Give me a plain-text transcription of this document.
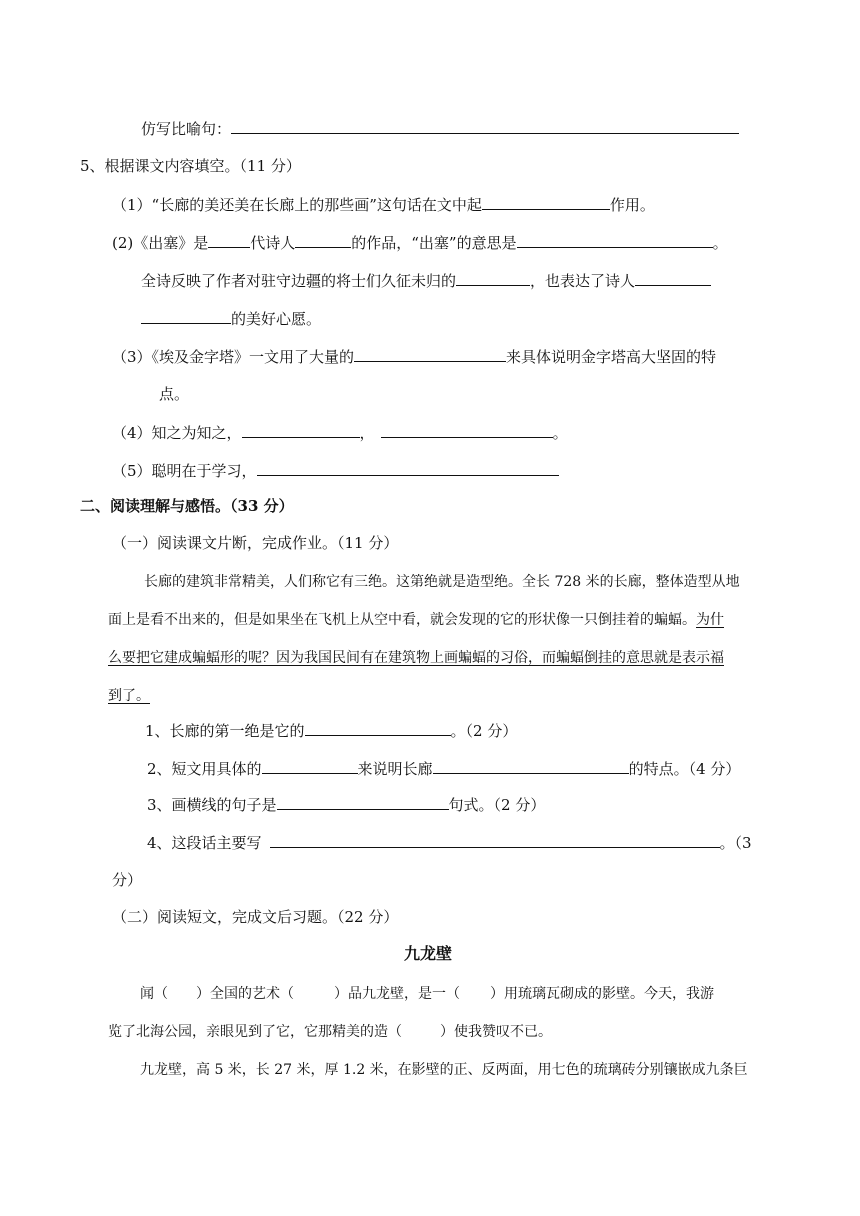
仿写比喻句：
5、根据课文内容填空。（11 分）
（1）“长廊的美还美在长廊上的那些画”这句话在文中起	作用。
(2)《出塞》是	代诗人	的作品，“出塞”的意思是	。
全诗反映了作者对驻守边疆的将士们久征未归的	，也表达了诗人
的美好心愿。
（3）《埃及金字塔》一文用了大量的	来具体说明金字塔高大坚固的特
点。
（4）知之为知之，	，	。
（5）聪明在于学习，
二、阅读理解与感悟。（33 分）
（一）阅读课文片断，完成作业。（11 分）
长廊的建筑非常精美，人们称它有三绝。这第绝就是造型绝。全长 728 米的长廊，整体造型从地
面上是看不出来的，但是如果坐在飞机上从空中看，就会发现的它的形状像一只倒挂着的蝙蝠。为什
么要把它建成蝙蝠形的呢？因为我国民间有在建筑物上画蝙蝠的习俗，而蝙蝠倒挂的意思就是表示福
到了。
1、长廊的第一绝是它的	。（2 分）
2、短文用具体的	来说明长廊	的特点。（4 分）
3、画横线的句子是	句式。（2 分）
4、这段话主要写	。（3
分）
（二）阅读短文，完成文后习题。（22 分）
九龙壁
闻（ ）全国的艺术（	）品九龙壁，是一（ ）用琉璃瓦砌成的影壁。今天，我游
览了北海公园，亲眼见到了它，它那精美的造（	）使我赞叹不已。
九龙壁，高 5 米，长 27 米，厚 1.2 米，在影壁的正、反两面，用七色的琉璃砖分别镶嵌成九条巨
